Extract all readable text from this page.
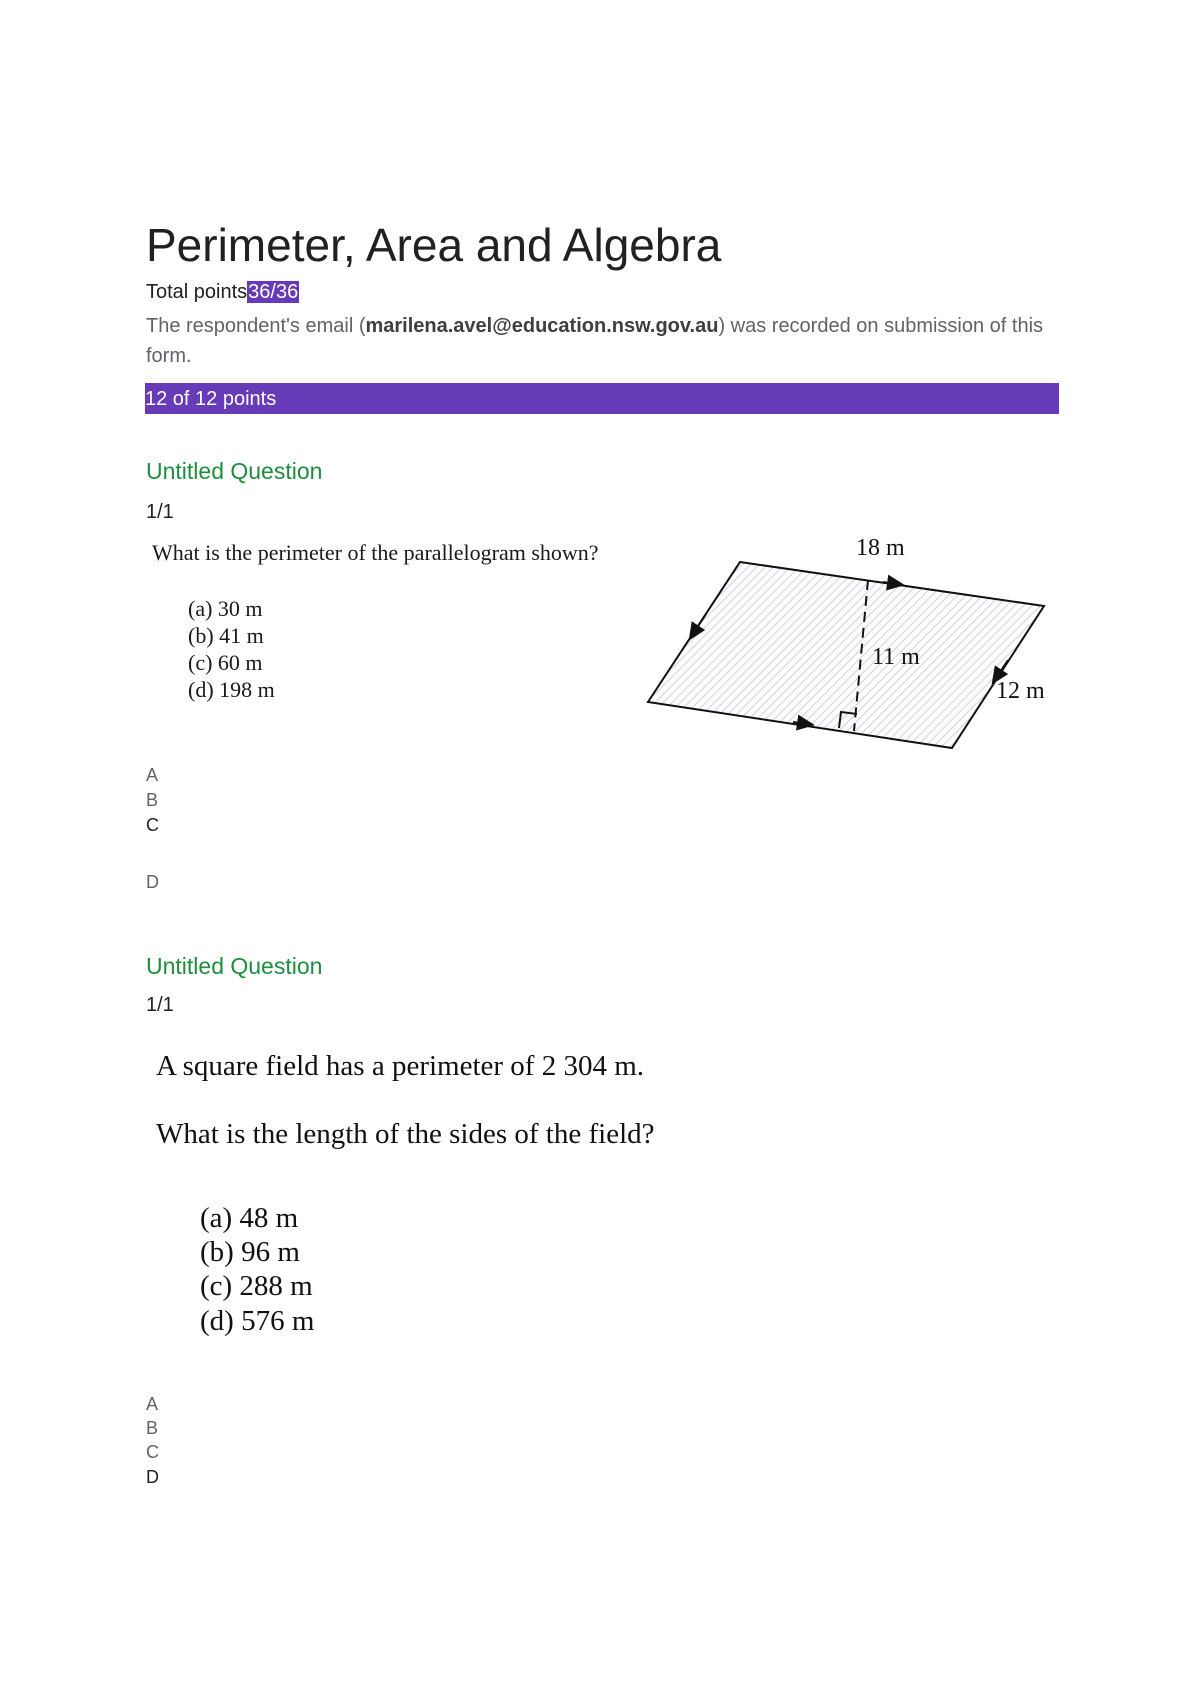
Perimeter, Area and Algebra
Total points36/36
The respondent's email (marilena.avel@education.nsw.gov.au) was recorded on submission of this form.
12 of 12 points
Untitled Question
1/1
What is the perimeter of the parallelogram shown?
(a) 30 m
(b) 41 m
(c) 60 m
(d) 198 m
18 m
11 m
12 m
A
B
C
D
Untitled Question
1/1
A square field has a perimeter of 2 304 m.
What is the length of the sides of the field?
(a) 48 m
(b) 96 m
(c) 288 m
(d) 576 m
A
B
C
D
